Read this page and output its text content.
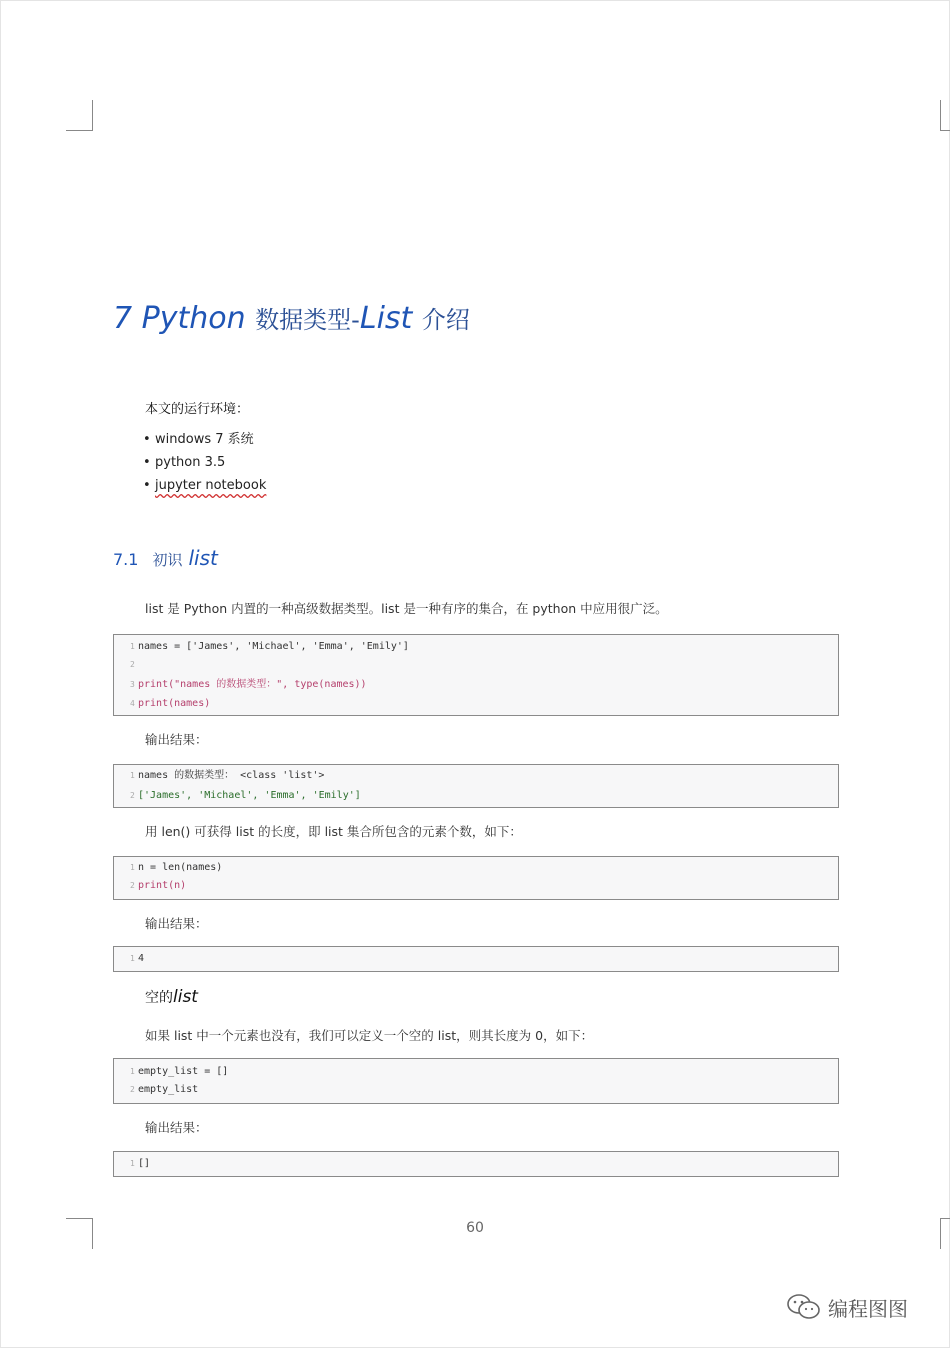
7 Python 数据类型-List 介绍
本文的运行环境：
• windows 7 系统
• python 3.5
• jupyter notebook
7.1 初识 list
list 是 Python 内置的一种高级数据类型。list 是一种有序的集合，在 python 中应用很广泛。
1 names = ['James', 'Michael', 'Emma', 'Emily']
2
3 print("names 的数据类型：", type(names))
4 print(names)
输出结果：
1 names 的数据类型： <class 'list'>
2 ['James', 'Michael', 'Emma', 'Emily']
用 len() 可获得 list 的长度，即 list 集合所包含的元素个数，如下：
1 n = len(names)
2 print(n)
输出结果：
1 4
空的list
如果 list 中一个元素也没有，我们可以定义一个空的 list，则其长度为 0，如下：
1 empty_list = []
2 empty_list
输出结果：
1 []
60
编程图图
